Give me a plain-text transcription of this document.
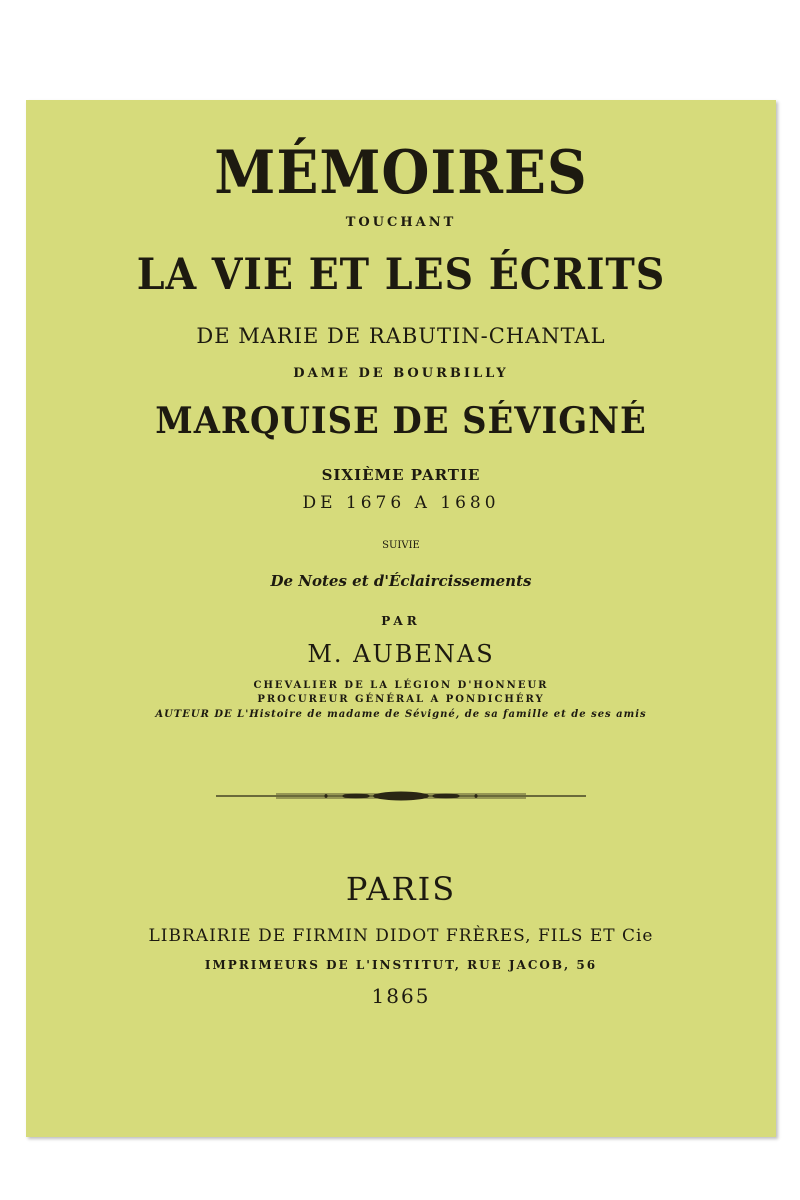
MÉMOIRES
TOUCHANT
LA VIE ET LES ÉCRITS
DE MARIE DE RABUTIN-CHANTAL
DAME DE BOURBILLY
MARQUISE DE SÉVIGNÉ
SIXIÈME PARTIE
DE 1676 A 1680
SUIVIE
De Notes et d'Éclaircissements
PAR
M. AUBENAS
CHEVALIER DE LA LÉGION D'HONNEUR
PROCUREUR GÉNÉRAL A PONDICHÉRY
AUTEUR DE L'Histoire de madame de Sévigné, de sa famille et de ses amis
PARIS
LIBRAIRIE DE FIRMIN DIDOT FRÈRES, FILS ET Cie
IMPRIMEURS DE L'INSTITUT, RUE JACOB, 56
1865
